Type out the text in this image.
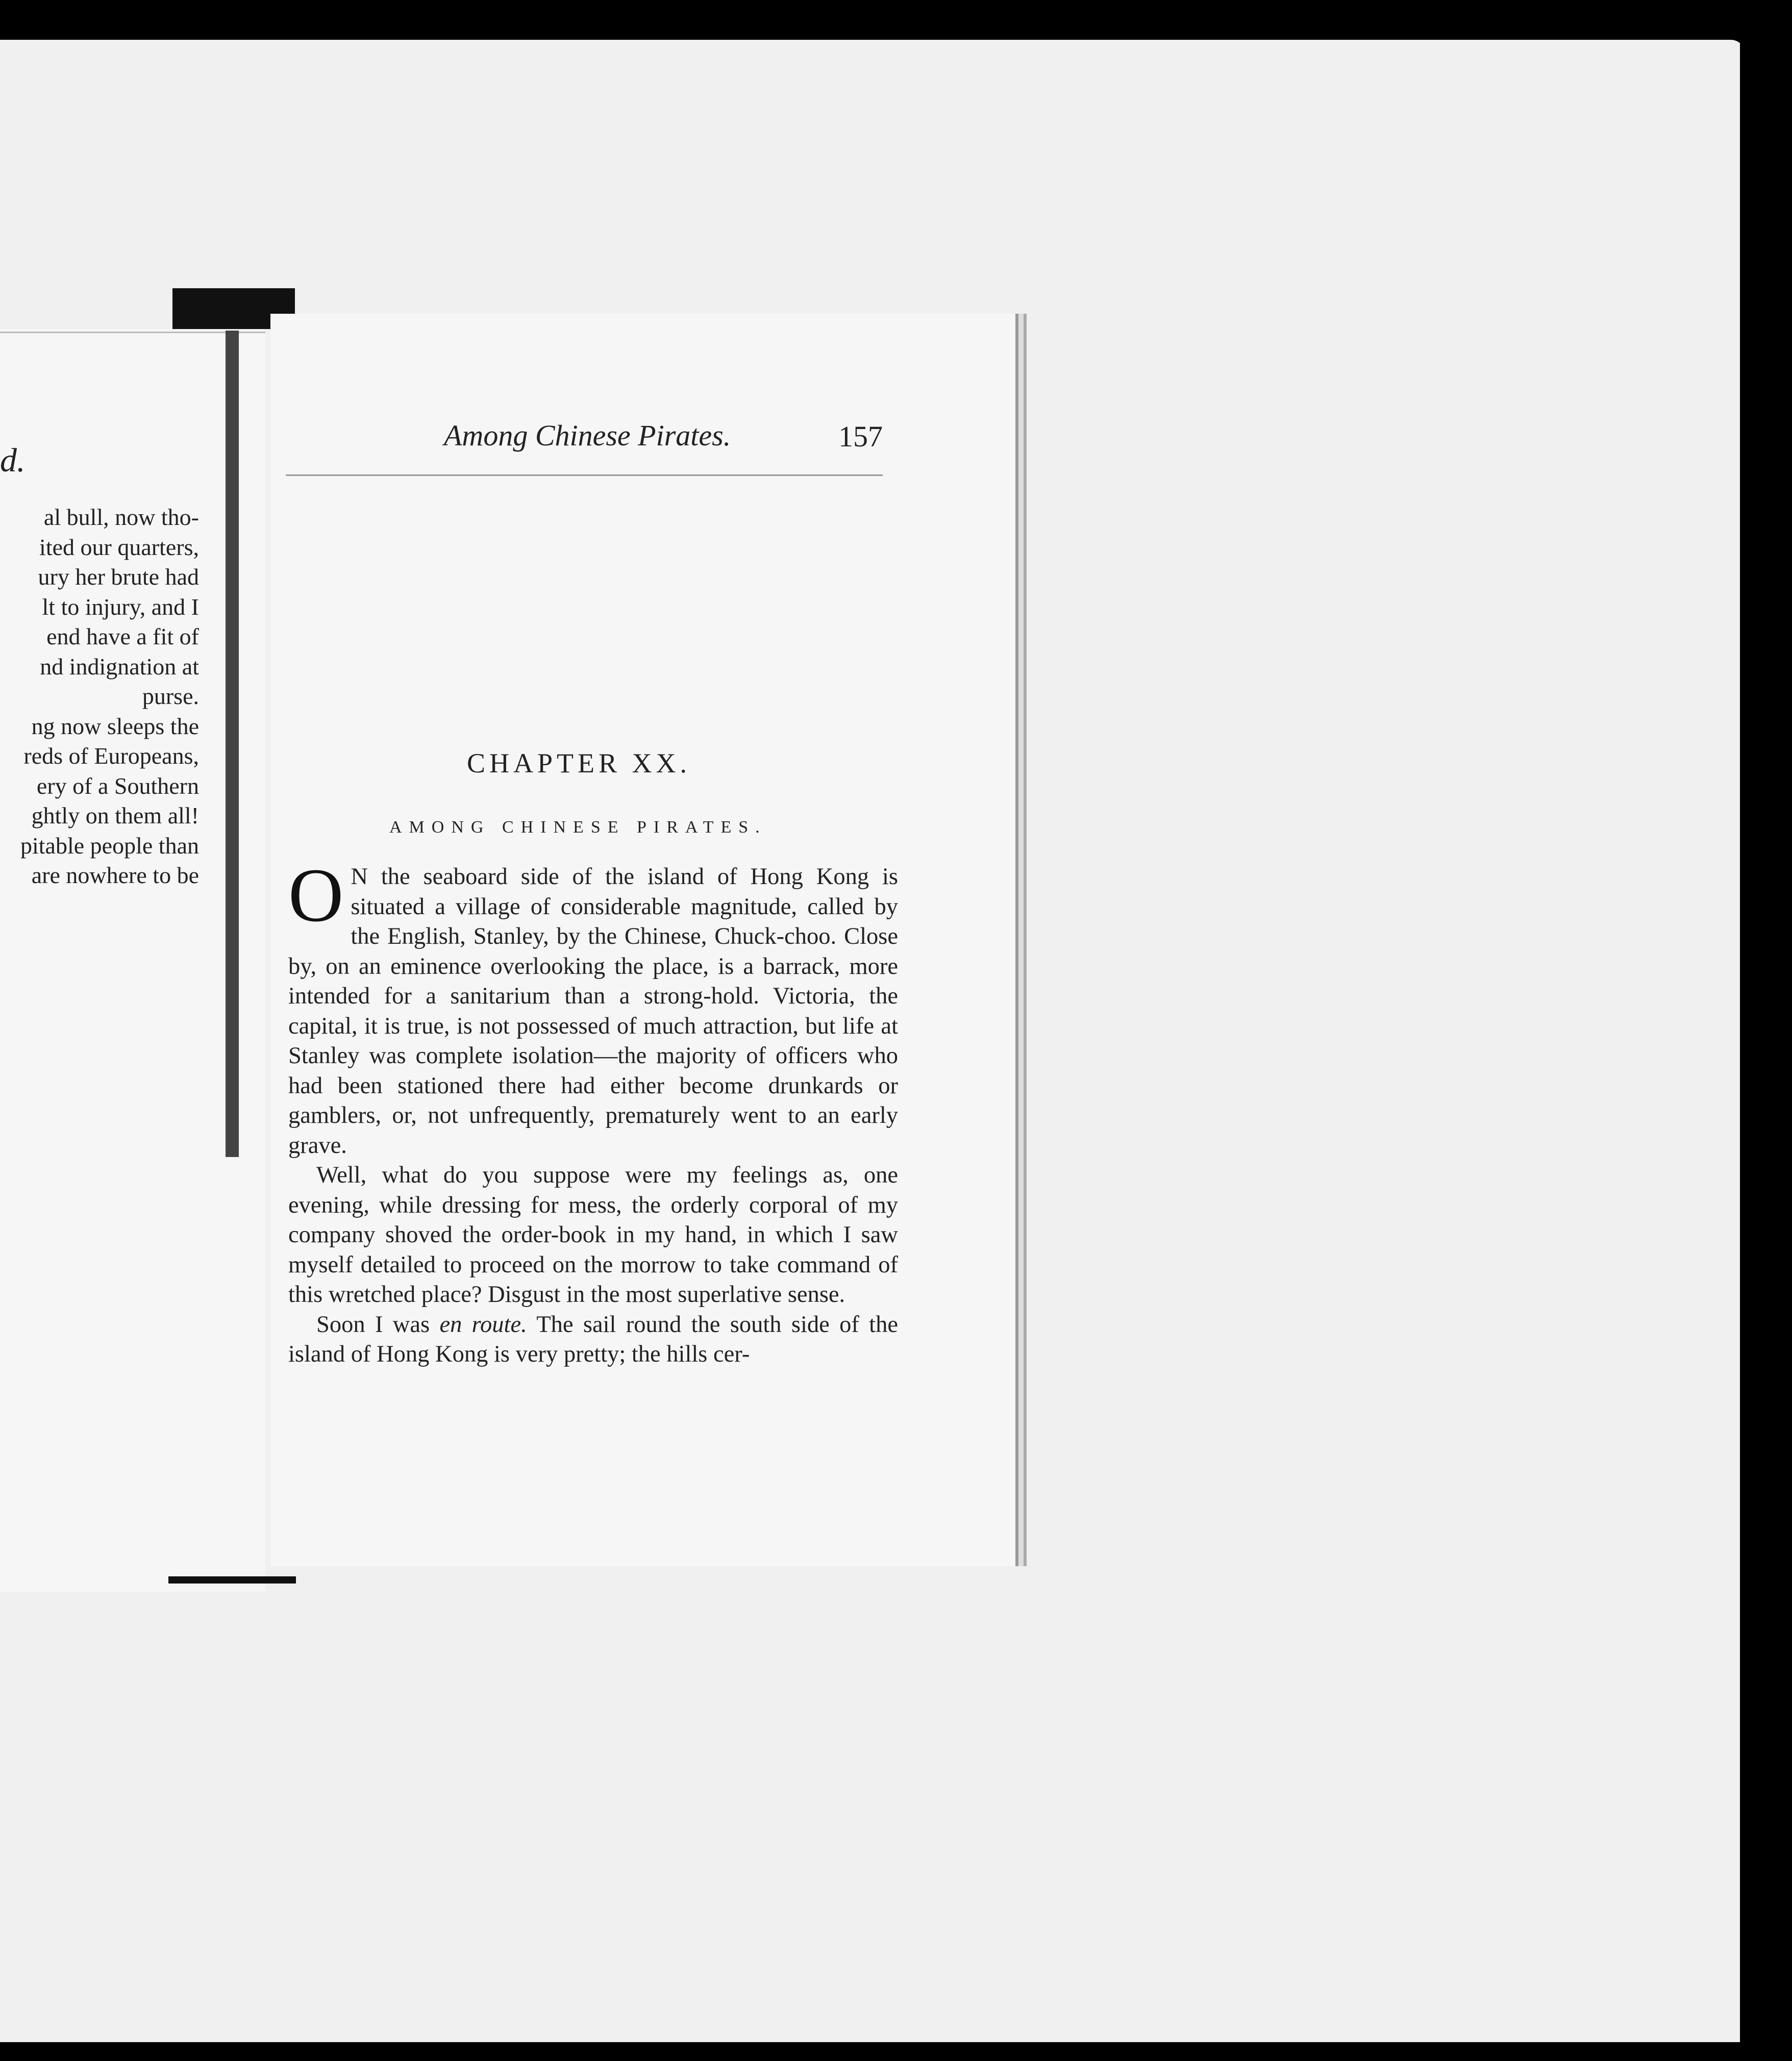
d.
al bull, now tho-
ited our quarters,
ury her brute had
lt to injury, and I
end have a fit of
nd indignation at
purse.
ng now sleeps the
reds of Europeans,
ery of a Southern
ghtly on them all!
pitable people than
are nowhere to be
Among Chinese Pirates.	157
CHAPTER XX.
AMONG CHINESE PIRATES.

O N the seaboard side of the island of Hong Kong is situated a village of considerable magnitude, called by the English, Stanley, by the Chinese, Chuck-choo. Close by, on an eminence overlooking the place, is a barrack, more intended for a sanitarium than a strong-hold. Victoria, the capital, it is true, is not possessed of much attraction, but life at Stanley was complete isolation—the majority of officers who had been stationed there had either become drunkards or gamblers, or, not unfrequently, prematurely went to an early grave.

Well, what do you suppose were my feelings as, one evening, while dressing for mess, the orderly corporal of my company shoved the order-book in my hand, in which I saw myself detailed to proceed on the morrow to take command of this wretched place? Disgust in the most superlative sense.

Soon I was en route. The sail round the south side of the island of Hong Kong is very pretty; the hills cer-
